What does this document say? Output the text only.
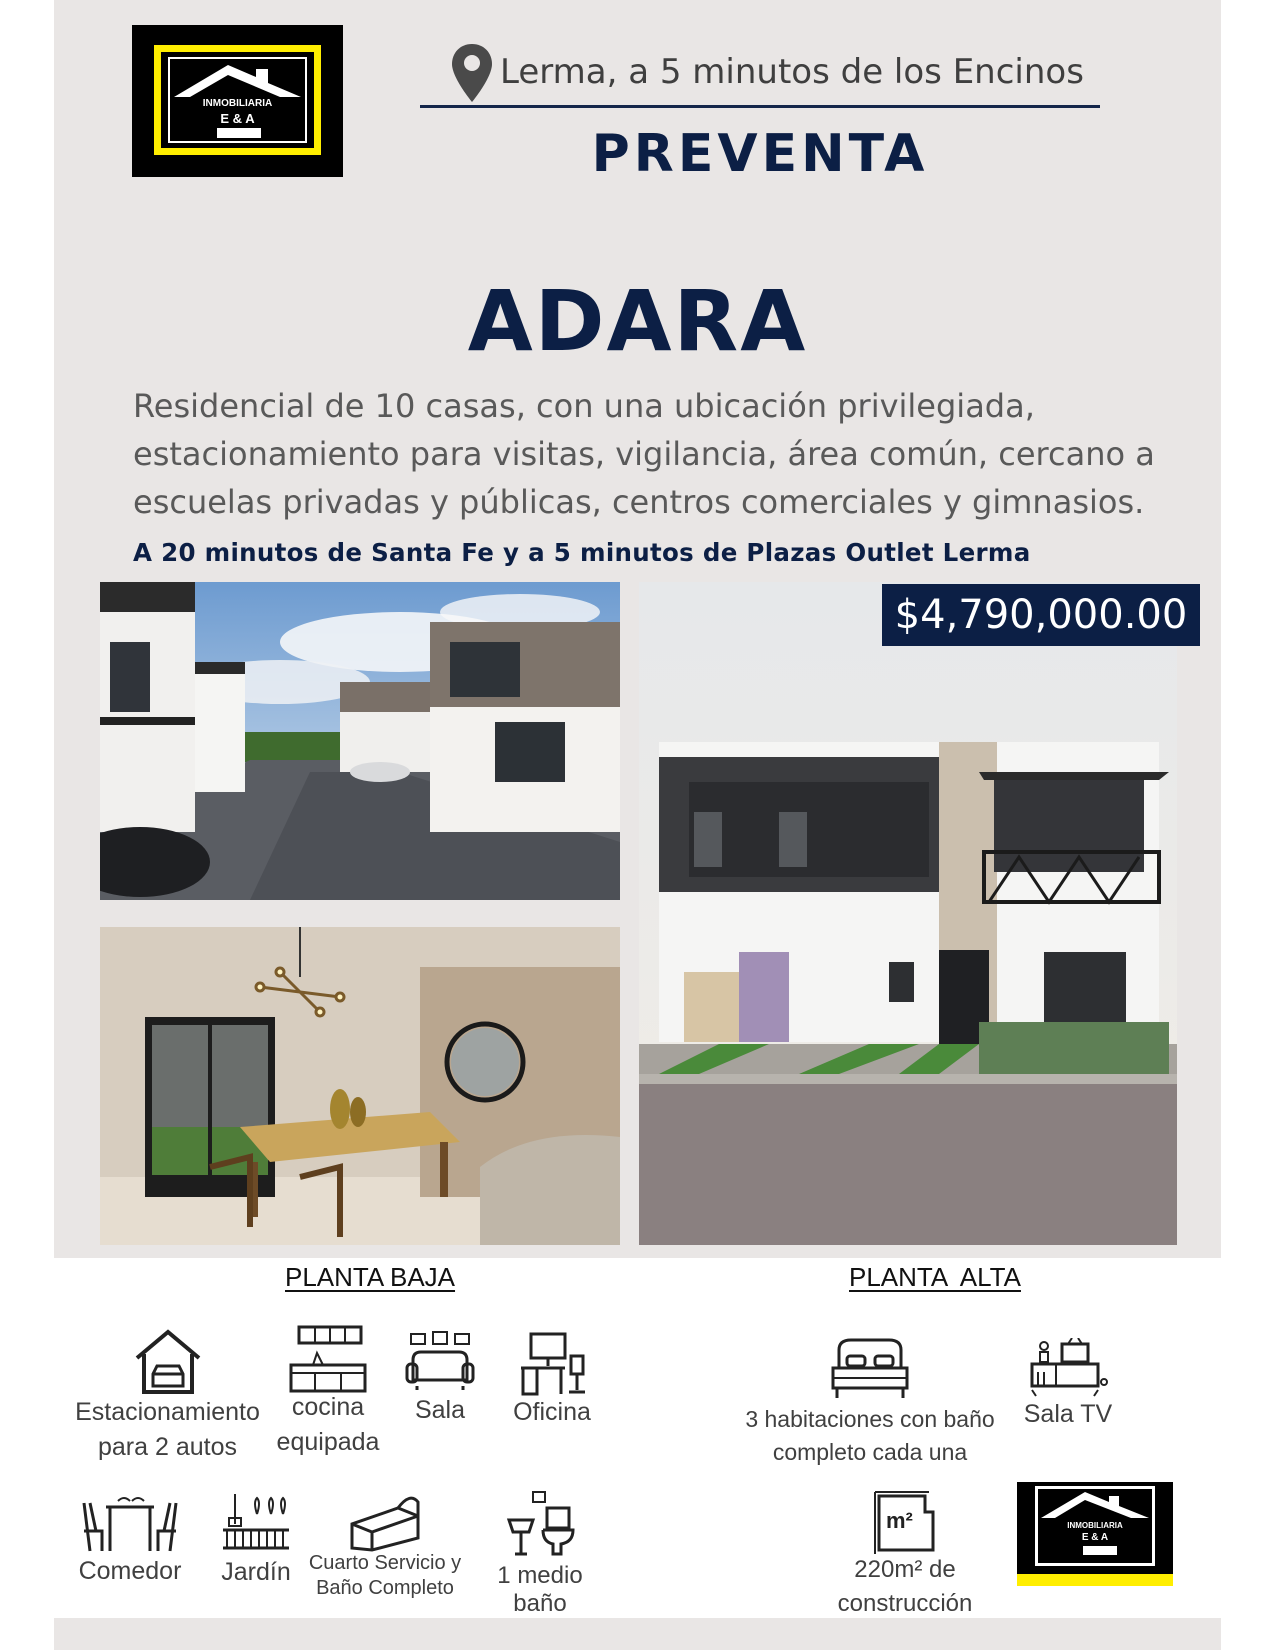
INMOBILIARIA
E & A
Lerma, a 5 minutos de los Encinos
PREVENTA
ADARA
Residencial de 10 casas, con una ubicación privilegiada, estacionamiento para visitas, vigilancia, área común, cercano a escuelas privadas y públicas, centros comerciales y gimnasios.
A 20 minutos de Santa Fe y a 5 minutos de Plazas Outlet Lerma
$4,790,000.00
PLANTA BAJA	PLANTA  ALTA
Estacionamiento
para 2 autos
cocina
equipada
Sala	Oficina
Comedor	Jardín Cuarto Servicio y
Baño Completo	1 medio baño
3 habitaciones con baño
completo cada una
Sala TV
m²
220m² de
construcción
INMOBILIARIA
E & A
